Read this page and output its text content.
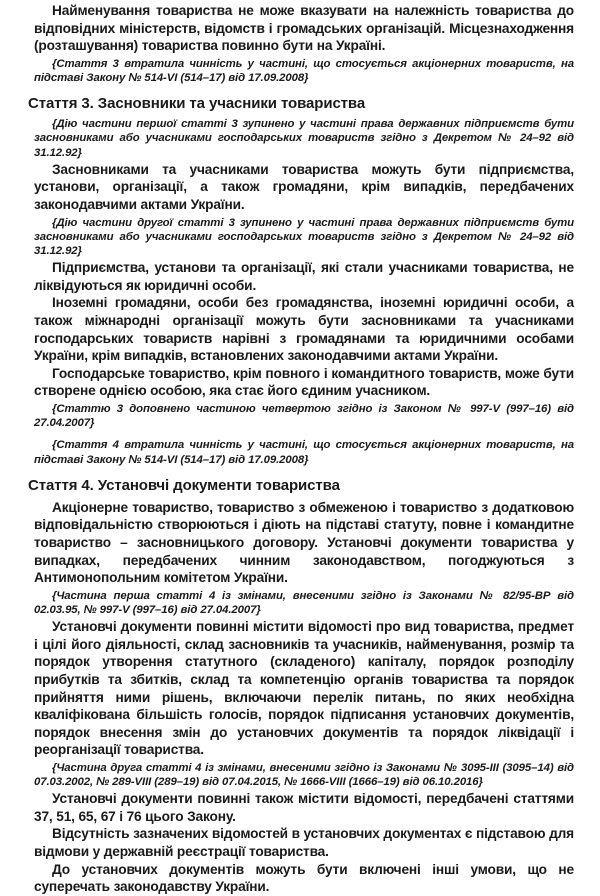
Найменування товариства не може вказувати на належність товариства до відповідних міністерств, відомств і громадських організацій. Місцезнаходження (розташування) товариства повинно бути на Україні.

{Стаття 3 втратила чинність у частині, що стосується акціонерних товариств, на підставі Закону № 514-VI (514–17) від 17.09.2008}

Стаття 3. Засновники та учасники товариства

{Дію частини першої статті 3 зупинено у частині права державних підприємств бути засновниками або учасниками господарських товариств згідно з Декретом № 24–92 від 31.12.92}

Засновниками та учасниками товариства можуть бути підприємства, установи, організації, а також громадяни, крім випадків, передбачених законодавчими актами України.

{Дію частини другої статті 3 зупинено у частині права державних підприємств бути засновниками або учасниками господарських товариств згідно з Декретом № 24–92 від 31.12.92}

Підприємства, установи та організації, які стали учасниками товариства, не ліквідуються як юридичні особи.

Іноземні громадяни, особи без громадянства, іноземні юридичні особи, а також міжнародні організації можуть бути засновниками та учасниками господарських товариств нарівні з громадянами та юридичними особами України, крім випадків, встановлених законодавчими актами України.

Господарське товариство, крім повного і командитного товариств, може бути створене однією особою, яка стає його єдиним учасником.

{Статтю 3 доповнено частиною четвертою згідно із Законом № 997-V (997–16) від 27.04.2007}

{Стаття 4 втратила чинність у частині, що стосується акціонерних товариств, на підставі Закону № 514-VI (514–17) від 17.09.2008}

Стаття 4. Установчі документи товариства

Акціонерне товариство, товариство з обмеженою і товариство з додатковою відповідальністю створюються і діють на підставі статуту, повне і командитне товариство – засновницького договору. Установчі документи товариства у випадках, передбачених чинним законодавством, погоджуються з Антимонопольним комітетом України.

{Частина перша статті 4 із змінами, внесеними згідно із Законами № 82/95-ВР від 02.03.95, № 997-V (997–16) від 27.04.2007}

Установчі документи повинні містити відомості про вид товариства, предмет і цілі його діяльності, склад засновників та учасників, найменування, розмір та порядок утворення статутного (складеного) капіталу, порядок розподілу прибутків та збитків, склад та компетенцію органів товариства та порядок прийняття ними рішень, включаючи перелік питань, по яких необхідна кваліфікована більшість голосів, порядок підписання установчих документів, порядок внесення змін до установчих документів та порядок ліквідації і реорганізації товариства.

{Частина друга статті 4 із змінами, внесеними згідно із Законами № 3095-III (3095–14) від 07.03.2002, № 289-VIII (289–19) від 07.04.2015, № 1666-VIII (1666–19) від 06.10.2016}

Установчі документи повинні також містити відомості, передбачені статтями 37, 51, 65, 67 і 76 цього Закону.

Відсутність зазначених відомостей в установчих документах є підставою для відмови у державній реєстрації товариства.

До установчих документів можуть бути включені інші умови, що не суперечать законодавству України.
